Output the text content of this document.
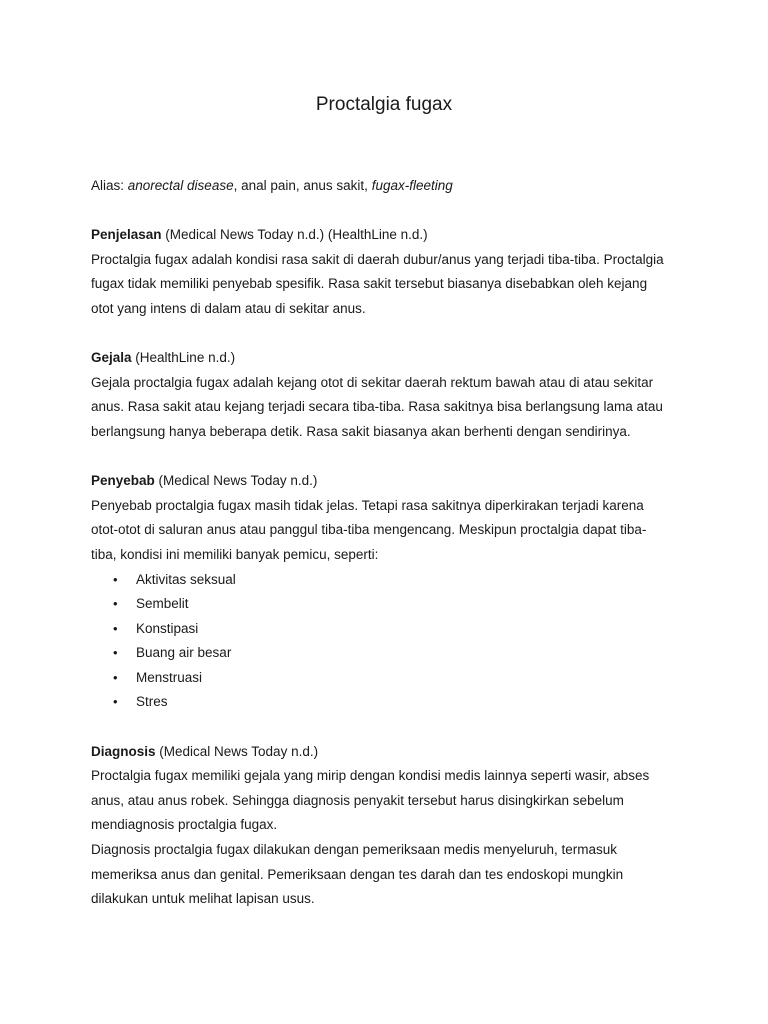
Proctalgia fugax

Alias: anorectal disease, anal pain, anus sakit, fugax-fleeting

Penjelasan (Medical News Today n.d.) (HealthLine n.d.)

Proctalgia fugax adalah kondisi rasa sakit di daerah dubur/anus yang terjadi tiba-tiba. Proctalgia

fugax tidak memiliki penyebab spesifik. Rasa sakit tersebut biasanya disebabkan oleh kejang

otot yang intens di dalam atau di sekitar anus.

Gejala (HealthLine n.d.)

Gejala proctalgia fugax adalah kejang otot di sekitar daerah rektum bawah atau di atau sekitar

anus. Rasa sakit atau kejang terjadi secara tiba-tiba. Rasa sakitnya bisa berlangsung lama atau

berlangsung hanya beberapa detik. Rasa sakit biasanya akan berhenti dengan sendirinya.

Penyebab (Medical News Today n.d.)

Penyebab proctalgia fugax masih tidak jelas. Tetapi rasa sakitnya diperkirakan terjadi karena

otot-otot di saluran anus atau panggul tiba-tiba mengencang. Meskipun proctalgia dapat tiba-

tiba, kondisi ini memiliki banyak pemicu, seperti:

• Aktivitas seksual
• Sembelit
• Konstipasi
• Buang air besar
• Menstruasi
• Stres

Diagnosis (Medical News Today n.d.)

Proctalgia fugax memiliki gejala yang mirip dengan kondisi medis lainnya seperti wasir, abses

anus, atau anus robek. Sehingga diagnosis penyakit tersebut harus disingkirkan sebelum

mendiagnosis proctalgia fugax.

Diagnosis proctalgia fugax dilakukan dengan pemeriksaan medis menyeluruh, termasuk

memeriksa anus dan genital. Pemeriksaan dengan tes darah dan tes endoskopi mungkin

dilakukan untuk melihat lapisan usus.
